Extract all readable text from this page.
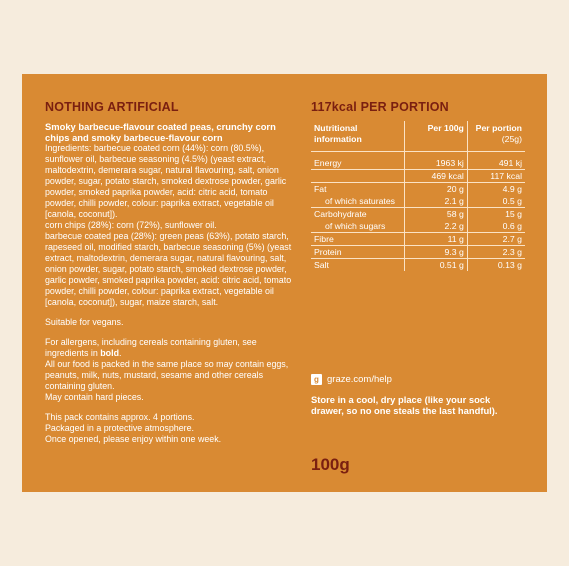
NOTHING ARTIFICIAL
Smoky barbecue-flavour coated peas, crunchy corn chips and smoky barbecue-flavour corn
Ingredients: barbecue coated corn (44%): corn (80.5%), sunflower oil, barbecue seasoning (4.5%) (yeast extract, maltodextrin, demerara sugar, natural flavouring, salt, onion powder, sugar, potato starch, smoked dextrose powder, garlic powder, smoked paprika powder, acid: citric acid, tomato powder, chilli powder, colour: paprika extract, vegetable oil [canola, coconut]).
corn chips (28%): corn (72%), sunflower oil.
barbecue coated pea (28%): green peas (63%), potato starch, rapeseed oil, modified starch, barbecue seasoning (5%) (yeast extract, maltodextrin, demerara sugar, natural flavouring, salt, onion powder, sugar, potato starch, smoked dextrose powder, garlic powder, smoked paprika powder, acid: citric acid, tomato powder, chilli powder, colour: paprika extract, vegetable oil [canola, coconut]), sugar, maize starch, salt.
Suitable for vegans.
For allergens, including cereals containing gluten, see ingredients in bold.
All our food is packed in the same place so may contain eggs, peanuts, milk, nuts, mustard, sesame and other cereals containing gluten.
May contain hard pieces.
This pack contains approx. 4 portions.
Packaged in a protective atmosphere.
Once opened, please enjoy within one week.
117kcal PER PORTION
Nutritional information	Per 100g	Per portion
(25g)
Energy	1963 kj	491 kj
	469 kcal	117 kcal
Fat	20 g	4.9 g
of which saturates	2.1 g	0.5 g
Carbohydrate	58 g	15 g
of which sugars	2.2 g	0.6 g
Fibre	11 g	2.7 g
Protein	9.3 g	2.3 g
Salt	0.51 g	0.13 g
g graze.com/help
Store in a cool, dry place (like your sock drawer, so no one steals the last handful).
100g
